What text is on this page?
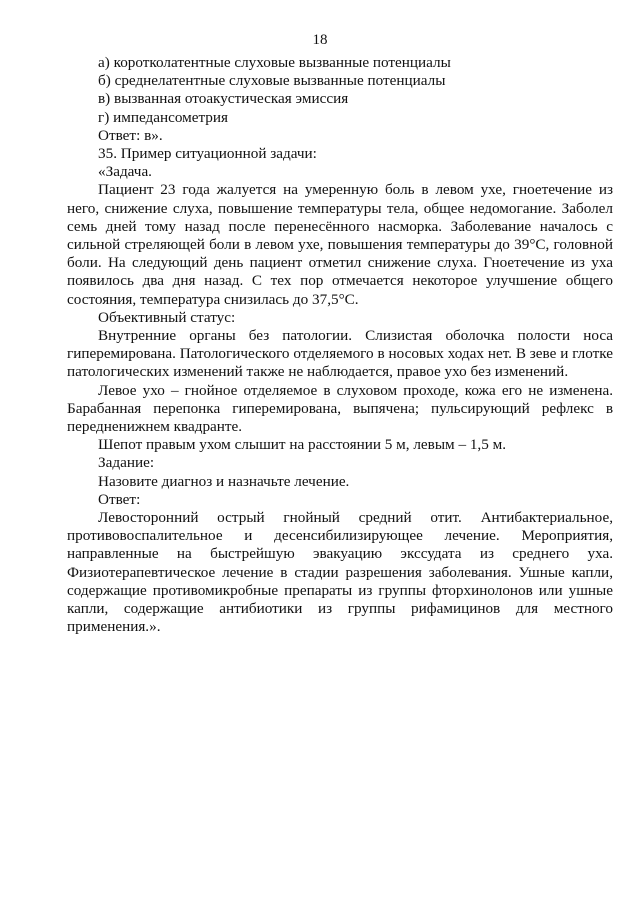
18

а) коротколатентные слуховые вызванные потенциалы

б) среднелатентные слуховые вызванные потенциалы

в) вызванная отоакустическая эмиссия

г) импедансометрия

Ответ: в».

35. Пример ситуационной задачи:

«Задача.

Пациент 23 года жалуется на умеренную боль в левом ухе, гноетечение из него, снижение слуха, повышение температуры тела, общее недомогание. Заболел семь дней тому назад после перенесённого насморка. Заболевание началось с сильной стреляющей боли в левом ухе, повышения температуры до 39°С, головной боли. На следующий день пациент отметил снижение слуха. Гноетечение из уха появилось два дня назад. С тех пор отмечается некоторое улучшение общего состояния, температура снизилась до 37,5°С.

Объективный статус:

Внутренние органы без патологии. Слизистая оболочка полости носа гиперемирована. Патологического отделяемого в носовых ходах нет. В зеве и глотке патологических изменений также не наблюдается, правое ухо без изменений.

Левое ухо – гнойное отделяемое в слуховом проходе, кожа его не изменена. Барабанная перепонка гиперемирована, выпячена; пульсирующий рефлекс в передненижнем квадранте.

Шепот правым ухом слышит на расстоянии 5 м, левым – 1,5 м.

Задание:

Назовите диагноз и назначьте лечение.

Ответ:

Левосторонний острый гнойный средний отит. Антибактериальное, противовоспалительное и десенсибилизирующее лечение. Мероприятия, направленные на быстрейшую эвакуацию экссудата из среднего уха. Физиотерапевтическое лечение в стадии разрешения заболевания. Ушные капли, содержащие противомикробные препараты из группы фторхинолонов или ушные капли, содержащие антибиотики из группы рифамицинов для местного применения.».
